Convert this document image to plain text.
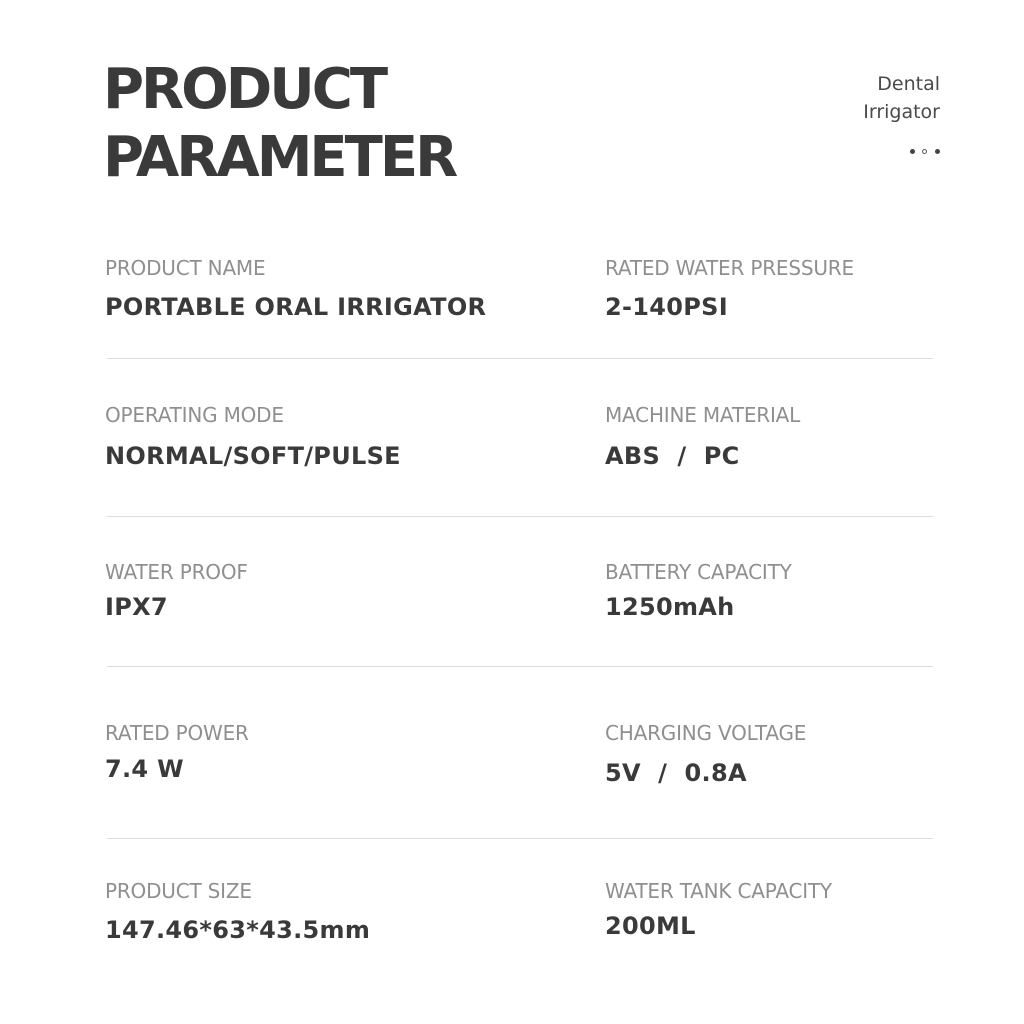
PRODUCT
PARAMETER
Dental
Irrigator
PRODUCT NAME
PORTABLE ORAL IRRIGATOR
RATED WATER PRESSURE
2-140PSI
OPERATING MODE
NORMAL/SOFT/PULSE
MACHINE MATERIAL
ABS  /  PC
WATER PROOF
IPX7
BATTERY CAPACITY
1250mAh
RATED POWER
7.4 W
CHARGING VOLTAGE
5V  /  0.8A
PRODUCT SIZE
147.46*63*43.5mm
WATER TANK CAPACITY
200ML
